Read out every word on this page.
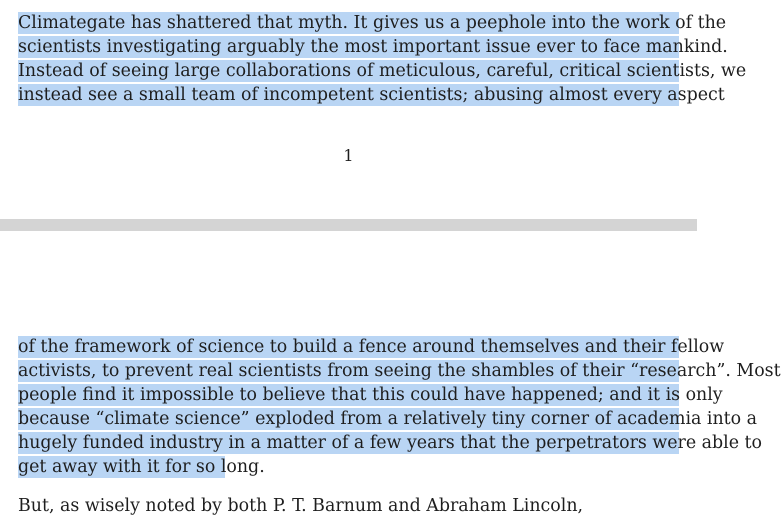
Climategate has shattered that myth. It gives us a peephole into the work of the
scientists investigating arguably the most important issue ever to face mankind.
Instead of seeing large collaborations of meticulous, careful, critical scientists, we
instead see a small team of incompetent scientists; abusing almost every aspect
1
of the framework of science to build a fence around themselves and their fellow
activists, to prevent real scientists from seeing the shambles of their “research”. Most
people find it impossible to believe that this could have happened; and it is only
because “climate science” exploded from a relatively tiny corner of academia into a
hugely funded industry in a matter of a few years that the perpetrators were able to
get away with it for so long.
But, as wisely noted by both P. T. Barnum and Abraham Lincoln,
